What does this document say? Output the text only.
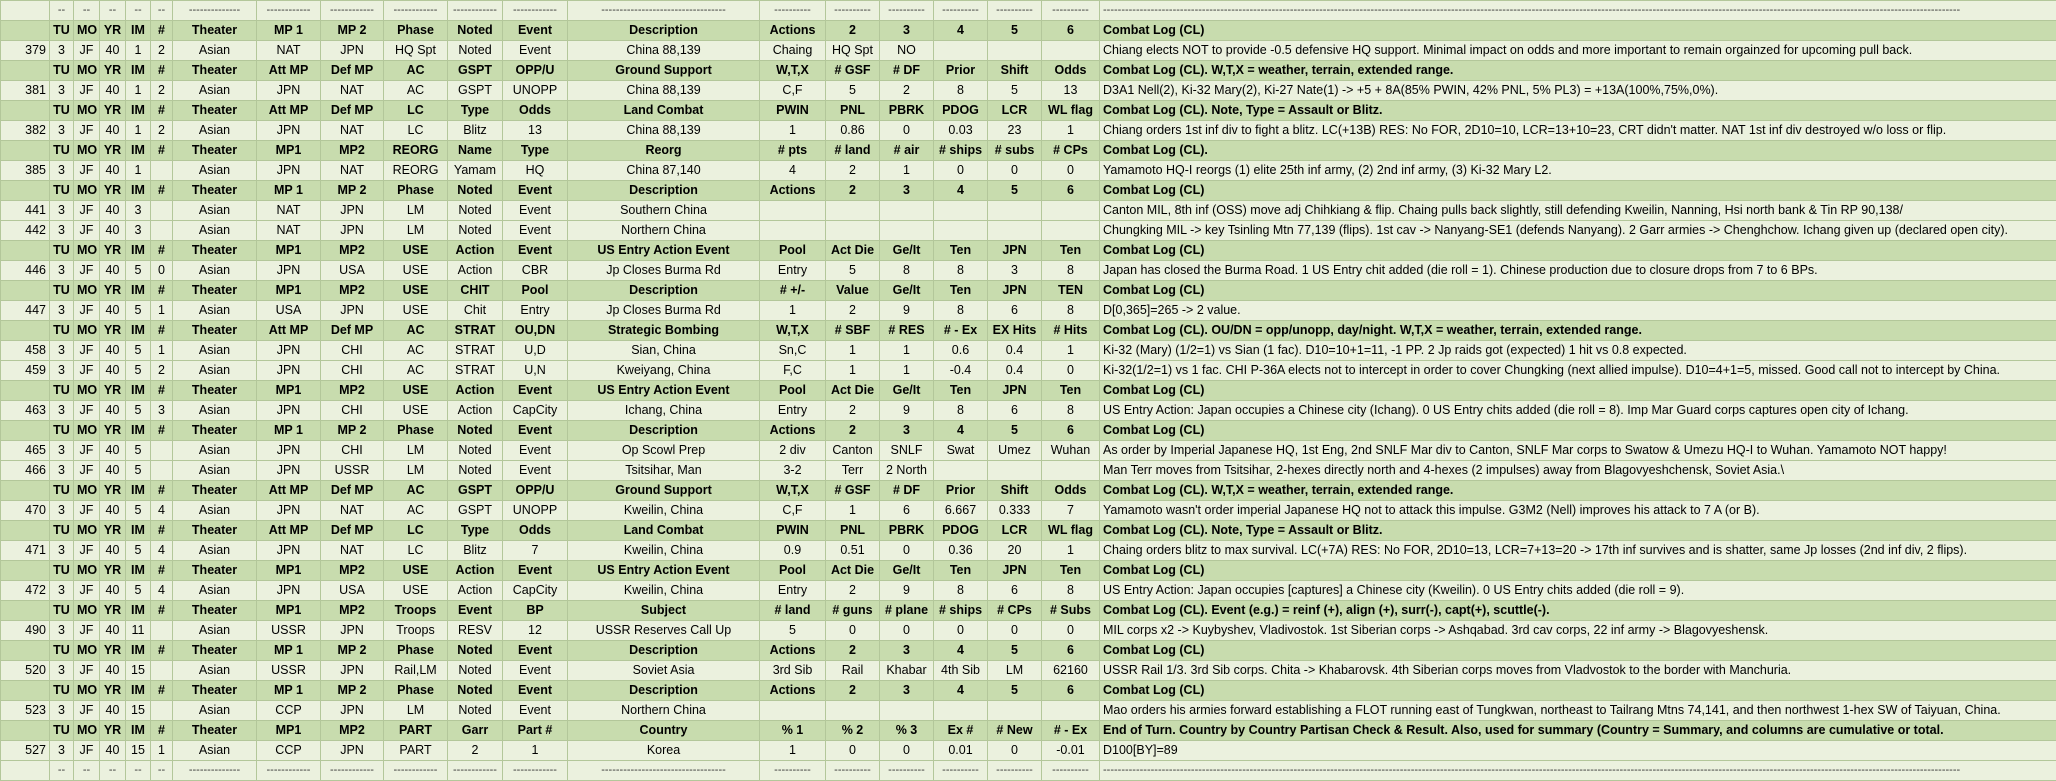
	--	--	--	--	--	--------------	------------	------------	------------	------------	------------	----------------------------------	----------	----------	----------	----------	----------	----------	------------------------------------------------------------------------------------------------------------------------------------------------------------------------------------------------------------------------------------------
	TU	MO	YR	IM	#	Theater	MP 1	MP 2	Phase	Noted	Event	Description	Actions	2	3	4	5	6	Combat Log (CL)
379	3	JF	40	1	2	Asian	NAT	JPN	HQ Spt	Noted	Event	China 88,139	Chaing	HQ Spt	NO				Chiang elects NOT to provide -0.5 defensive HQ support. Minimal impact on odds and more important to remain orgainzed for upcoming pull back.
	TU	MO	YR	IM	#	Theater	Att MP	Def MP	AC	GSPT	OPP/U	Ground Support	W,T,X	# GSF	# DF	Prior	Shift	Odds	Combat Log (CL). W,T,X = weather, terrain, extended range.
381	3	JF	40	1	2	Asian	JPN	NAT	AC	GSPT	UNOPP	China 88,139	C,F	5	2	8	5	13	D3A1 Nell(2), Ki-32 Mary(2), Ki-27 Nate(1) -> +5 + 8A(85% PWIN, 42% PNL, 5% PL3) = +13A(100%,75%,0%).
	TU	MO	YR	IM	#	Theater	Att MP	Def MP	LC	Type	Odds	Land Combat	PWIN	PNL	PBRK	PDOG	LCR	WL flag	Combat Log (CL). Note, Type = Assault or Blitz.
382	3	JF	40	1	2	Asian	JPN	NAT	LC	Blitz	13	China 88,139	1	0.86	0	0.03	23	1	Chiang orders 1st inf div to fight a blitz. LC(+13B) RES: No FOR, 2D10=10, LCR=13+10=23, CRT didn't matter. NAT 1st inf div destroyed w/o loss or flip.
	TU	MO	YR	IM	#	Theater	MP1	MP2	REORG	Name	Type	Reorg	# pts	# land	# air	# ships	# subs	# CPs	Combat Log (CL).
385	3	JF	40	1		Asian	JPN	NAT	REORG	Yamam	HQ	China 87,140	4	2	1	0	0	0	Yamamoto HQ-I reorgs (1) elite 25th inf army, (2) 2nd inf army, (3) Ki-32 Mary L2.
	TU	MO	YR	IM	#	Theater	MP 1	MP 2	Phase	Noted	Event	Description	Actions	2	3	4	5	6	Combat Log (CL)
441	3	JF	40	3		Asian	NAT	JPN	LM	Noted	Event	Southern China							Canton MIL, 8th inf (OSS) move adj Chihkiang & flip. Chaing pulls back slightly, still defending Kweilin, Nanning, Hsi north bank & Tin RP 90,138/
442	3	JF	40	3		Asian	NAT	JPN	LM	Noted	Event	Northern China							Chungking MIL -> key Tsinling Mtn 77,139 (flips). 1st cav -> Nanyang-SE1 (defends Nanyang). 2 Garr armies -> Chenghchow. Ichang given up (declared open city).
	TU	MO	YR	IM	#	Theater	MP1	MP2	USE	Action	Event	US Entry Action Event	Pool	Act Die	Ge/It	Ten	JPN	Ten	Combat Log (CL)
446	3	JF	40	5	0	Asian	JPN	USA	USE	Action	CBR	Jp Closes Burma Rd	Entry	5	8	8	3	8	Japan has closed the Burma Road. 1 US Entry chit added (die roll = 1). Chinese production due to closure drops from 7 to 6 BPs.
	TU	MO	YR	IM	#	Theater	MP1	MP2	USE	CHIT	Pool	Description	# +/-	Value	Ge/It	Ten	JPN	TEN	Combat Log (CL)
447	3	JF	40	5	1	Asian	USA	JPN	USE	Chit	Entry	Jp Closes Burma Rd	1	2	9	8	6	8	D[0,365]=265 -> 2 value.
	TU	MO	YR	IM	#	Theater	Att MP	Def MP	AC	STRAT	OU,DN	Strategic Bombing	W,T,X	# SBF	# RES	# - Ex	EX Hits	# Hits	Combat Log (CL). OU/DN = opp/unopp, day/night. W,T,X = weather, terrain, extended range.
458	3	JF	40	5	1	Asian	JPN	CHI	AC	STRAT	U,D	Sian, China	Sn,C	1	1	0.6	0.4	1	Ki-32 (Mary) (1/2=1) vs Sian (1 fac). D10=10+1=11, -1 PP. 2 Jp raids got (expected) 1 hit vs 0.8 expected.
459	3	JF	40	5	2	Asian	JPN	CHI	AC	STRAT	U,N	Kweiyang, China	F,C	1	1	-0.4	0.4	0	Ki-32(1/2=1) vs 1 fac. CHI P-36A elects not to intercept in order to cover Chungking (next allied impulse). D10=4+1=5, missed. Good call not to intercept by China.
	TU	MO	YR	IM	#	Theater	MP1	MP2	USE	Action	Event	US Entry Action Event	Pool	Act Die	Ge/It	Ten	JPN	Ten	Combat Log (CL)
463	3	JF	40	5	3	Asian	JPN	CHI	USE	Action	CapCity	Ichang, China	Entry	2	9	8	6	8	US Entry Action: Japan occupies a Chinese city (Ichang). 0 US Entry chits added (die roll = 8). Imp Mar Guard corps captures open city of Ichang.
	TU	MO	YR	IM	#	Theater	MP 1	MP 2	Phase	Noted	Event	Description	Actions	2	3	4	5	6	Combat Log (CL)
465	3	JF	40	5		Asian	JPN	CHI	LM	Noted	Event	Op Scowl Prep	2 div	Canton	SNLF	Swat	Umez	Wuhan	As order by Imperial Japanese HQ, 1st Eng, 2nd SNLF Mar div to Canton, SNLF Mar corps to Swatow & Umezu HQ-I to Wuhan. Yamamoto NOT happy!
466	3	JF	40	5		Asian	JPN	USSR	LM	Noted	Event	Tsitsihar, Man	3-2	Terr	2 North				Man Terr moves from Tsitsihar, 2-hexes directly north and 4-hexes (2 impulses) away from Blagovyeshchensk, Soviet Asia.\
	TU	MO	YR	IM	#	Theater	Att MP	Def MP	AC	GSPT	OPP/U	Ground Support	W,T,X	# GSF	# DF	Prior	Shift	Odds	Combat Log (CL). W,T,X = weather, terrain, extended range.
470	3	JF	40	5	4	Asian	JPN	NAT	AC	GSPT	UNOPP	Kweilin, China	C,F	1	6	6.667	0.333	7	Yamamoto wasn't order imperial Japanese HQ not to attack this impulse. G3M2 (Nell) improves his attack to 7 A (or B).
	TU	MO	YR	IM	#	Theater	Att MP	Def MP	LC	Type	Odds	Land Combat	PWIN	PNL	PBRK	PDOG	LCR	WL flag	Combat Log (CL). Note, Type = Assault or Blitz.
471	3	JF	40	5	4	Asian	JPN	NAT	LC	Blitz	7	Kweilin, China	0.9	0.51	0	0.36	20	1	Chaing orders blitz to max survival. LC(+7A) RES: No FOR, 2D10=13, LCR=7+13=20 -> 17th inf survives and is shatter, same Jp losses (2nd inf div, 2 flips).
	TU	MO	YR	IM	#	Theater	MP1	MP2	USE	Action	Event	US Entry Action Event	Pool	Act Die	Ge/It	Ten	JPN	Ten	Combat Log (CL)
472	3	JF	40	5	4	Asian	JPN	USA	USE	Action	CapCity	Kweilin, China	Entry	2	9	8	6	8	US Entry Action: Japan occupies [captures] a Chinese city (Kweilin). 0 US Entry chits added (die roll = 9).
	TU	MO	YR	IM	#	Theater	MP1	MP2	Troops	Event	BP	Subject	# land	# guns	# plane	# ships	# CPs	# Subs	Combat Log (CL). Event (e.g.) = reinf (+), align (+), surr(-), capt(+), scuttle(-).
490	3	JF	40	11		Asian	USSR	JPN	Troops	RESV	12	USSR Reserves Call Up	5	0	0	0	0	0	MIL corps x2 -> Kuybyshev, Vladivostok. 1st Siberian corps -> Ashqabad. 3rd cav corps, 22 inf army -> Blagovyeshensk.
	TU	MO	YR	IM	#	Theater	MP 1	MP 2	Phase	Noted	Event	Description	Actions	2	3	4	5	6	Combat Log (CL)
520	3	JF	40	15		Asian	USSR	JPN	Rail,LM	Noted	Event	Soviet Asia	3rd Sib	Rail	Khabar	4th Sib	LM	62160	USSR Rail 1/3. 3rd Sib corps. Chita -> Khabarovsk. 4th Siberian corps moves from Vladvostok to the border with Manchuria.
	TU	MO	YR	IM	#	Theater	MP 1	MP 2	Phase	Noted	Event	Description	Actions	2	3	4	5	6	Combat Log (CL)
523	3	JF	40	15		Asian	CCP	JPN	LM	Noted	Event	Northern China							Mao orders his armies forward establishing a FLOT running east of Tungkwan, northeast to Tailrang Mtns 74,141, and then northwest 1-hex SW of Taiyuan, China.
	TU	MO	YR	IM	#	Theater	MP1	MP2	PART	Garr	Part #	Country	% 1	% 2	% 3	Ex #	# New	# - Ex	End of Turn. Country by Country Partisan Check & Result. Also, used for summary (Country = Summary, and columns are cumulative or total.
527	3	JF	40	15	1	Asian	CCP	JPN	PART	2	1	Korea	1	0	0	0.01	0	-0.01	D100[BY]=89
	--	--	--	--	--	--------------	------------	------------	------------	------------	------------	----------------------------------	----------	----------	----------	----------	----------	----------	------------------------------------------------------------------------------------------------------------------------------------------------------------------------------------------------------------------------------------------
